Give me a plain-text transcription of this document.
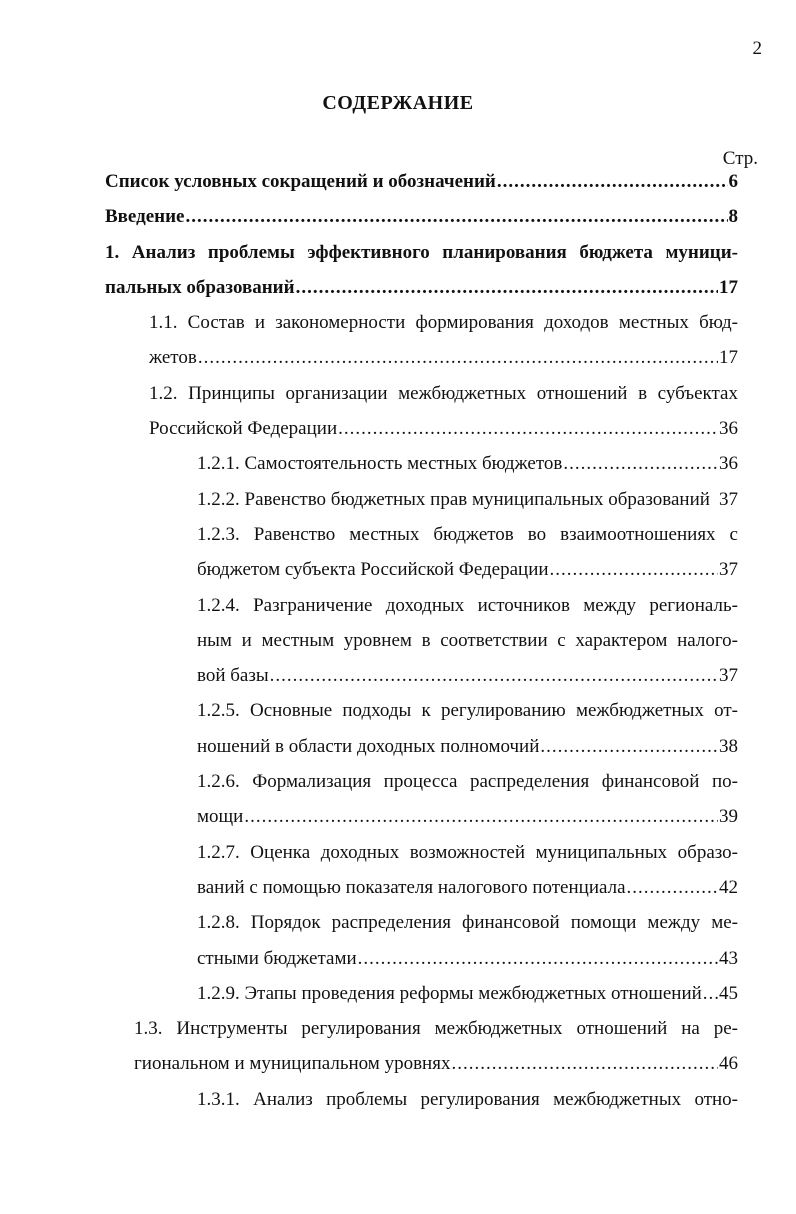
2
СОДЕРЖАНИЕ
Стр.
Список условных сокращений и обозначений .....	6
Введение .....	8
1. Анализ проблемы эффективного планирования бюджета муници-
пальных образований .....	17
1.1. Состав и закономерности формирования доходов местных бюд-
жетов .....	17
1.2. Принципы организации межбюджетных отношений в субъектах
Российской Федерации .....	36
1.2.1. Самостоятельность местных бюджетов .....	36
1.2.2. Равенство бюджетных прав муниципальных образований 37
1.2.3. Равенство местных бюджетов во взаимоотношениях с
бюджетом субъекта Российской Федерации .....	37
1.2.4. Разграничение доходных источников между региональ-
ным и местным уровнем в соответствии с характером налого-
вой базы .....	37
1.2.5. Основные подходы к регулированию межбюджетных от-
ношений в области доходных полномочий .....	38
1.2.6. Формализация процесса распределения финансовой по-
мощи .....	39
1.2.7. Оценка доходных возможностей муниципальных образо-
ваний с помощью показателя налогового потенциала .....	42
1.2.8. Порядок распределения финансовой помощи между ме-
стными бюджетами .....	43
1.2.9. Этапы проведения реформы межбюджетных отношений ..... 45
1.3. Инструменты регулирования межбюджетных отношений на ре-
гиональном и муниципальном уровнях .....	46
1.3.1. Анализ проблемы регулирования межбюджетных отно-
